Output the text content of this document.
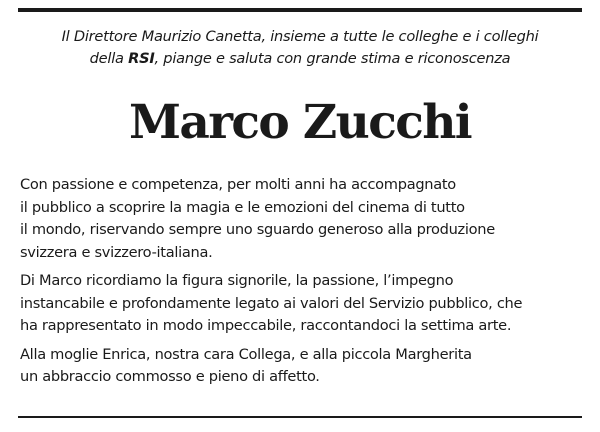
Il Direttore Maurizio Canetta, insieme a tutte le colleghe e i colleghi
della RSI, piange e saluta con grande stima e riconoscenza
Marco Zucchi

Con passione e competenza, per molti anni ha accompagnato
il pubblico a scoprire la magia e le emozioni del cinema di tutto
il mondo, riservando sempre uno sguardo generoso alla produzione
svizzera e svizzero-italiana.

Di Marco ricordiamo la figura signorile, la passione, l’impegno
instancabile e profondamente legato ai valori del Servizio pubblico, che
ha rappresentato in modo impeccabile, raccontandoci la settima arte.

Alla moglie Enrica, nostra cara Collega, e alla piccola Margherita
un abbraccio commosso e pieno di affetto.
